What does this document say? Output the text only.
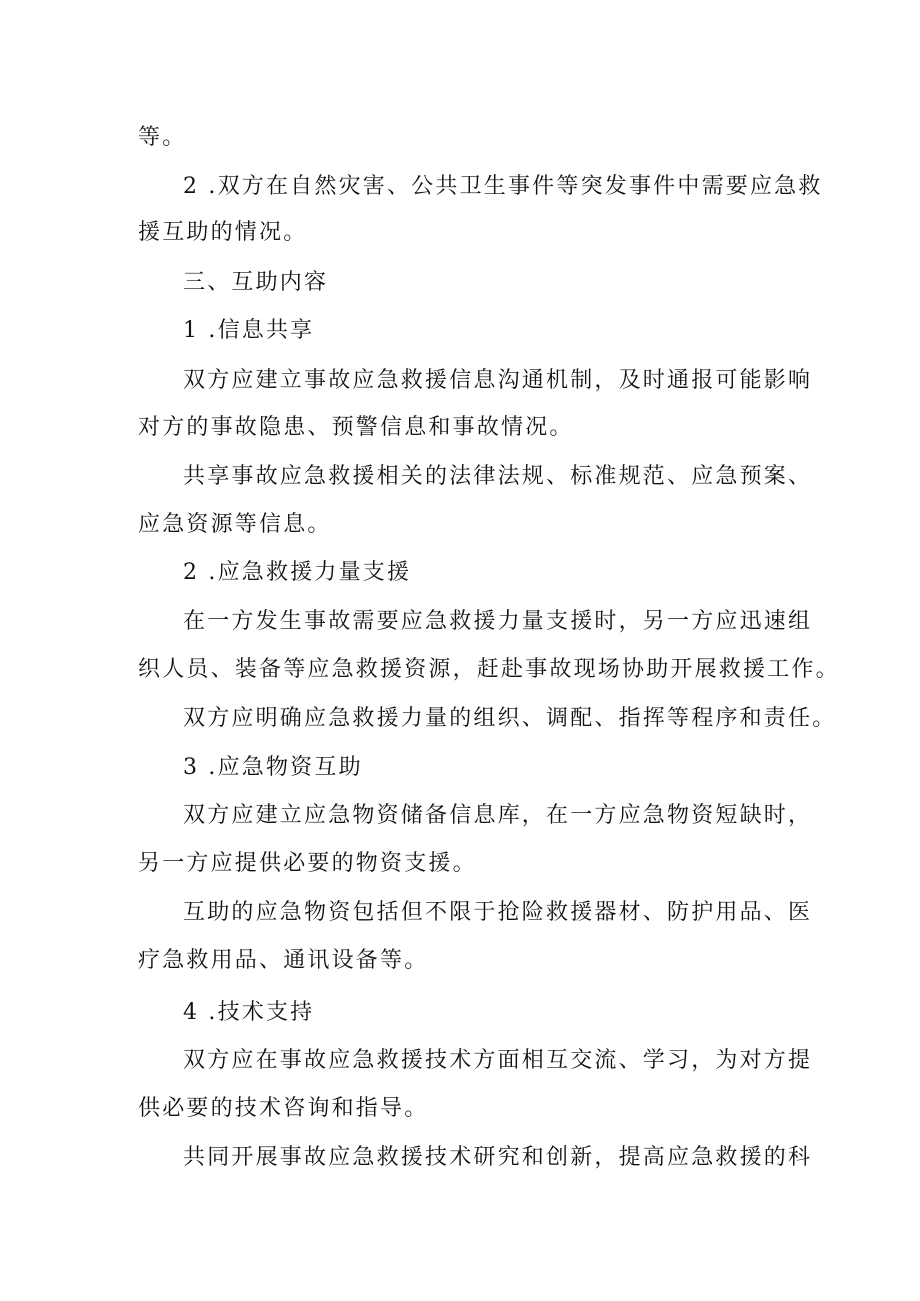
等。

2 .双方在自然灾害、公共卫生事件等突发事件中需要应急救

援互助的情况。

三、互助内容

1 .信息共享

双方应建立事故应急救援信息沟通机制，及时通报可能影响

对方的事故隐患、预警信息和事故情况。

共享事故应急救援相关的法律法规、标准规范、应急预案、

应急资源等信息。

2 .应急救援力量支援

在一方发生事故需要应急救援力量支援时，另一方应迅速组

织人员、装备等应急救援资源，赶赴事故现场协助开展救援工作。

双方应明确应急救援力量的组织、调配、指挥等程序和责任。

3 .应急物资互助

双方应建立应急物资储备信息库，在一方应急物资短缺时，

另一方应提供必要的物资支援。

互助的应急物资包括但不限于抢险救援器材、防护用品、医

疗急救用品、通讯设备等。

4 .技术支持

双方应在事故应急救援技术方面相互交流、学习，为对方提

供必要的技术咨询和指导。

共同开展事故应急救援技术研究和创新，提高应急救援的科
